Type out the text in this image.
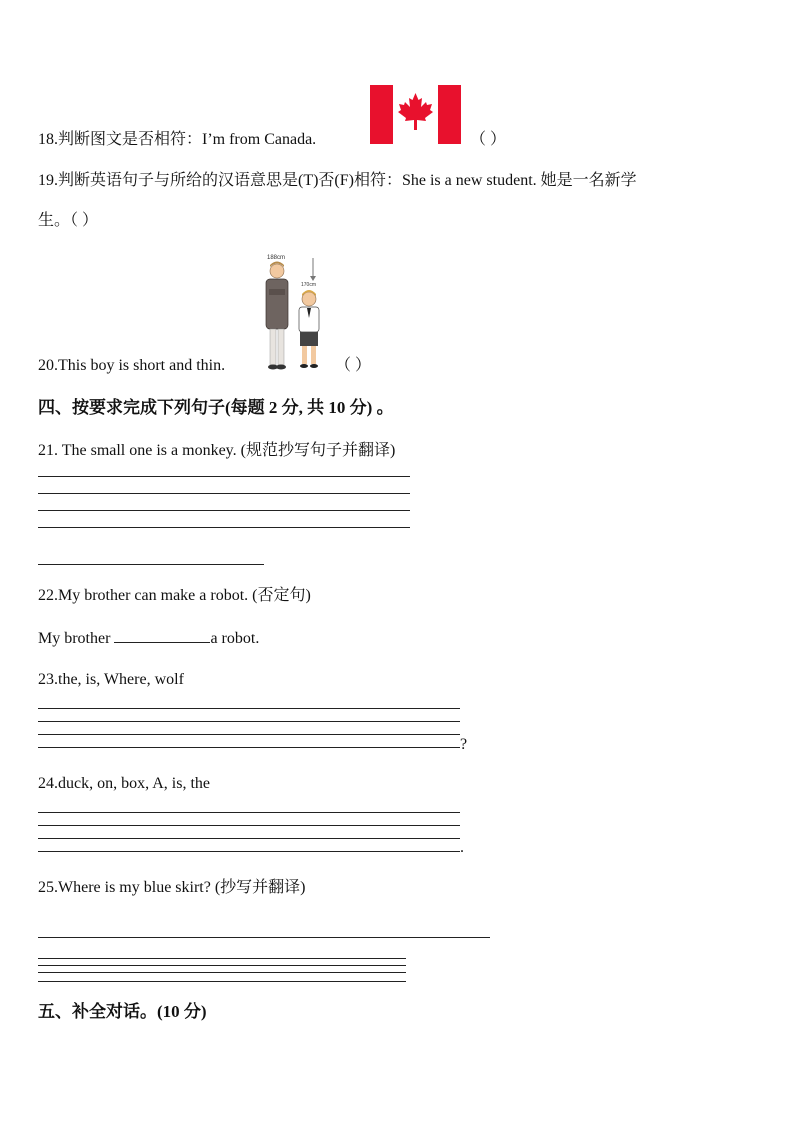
18.判断图文是否相符：I’m from Canada.	（ ）
19.判断英语句子与所给的汉语意思是(T)否(F)相符：She is a new student. 她是一名新学
生。（ ）
188cm
170cm
20.This boy is short and thin.	（ ）
四、按要求完成下列句子(每题 2 分, 共 10 分) 。
21. The small one is a monkey. (规范抄写句子并翻译)
22.My brother can make a robot. (否定句)
My brother	a robot.
23.the, is, Where, wolf
?
24.duck, on, box, A, is, the
.
25.Where is my blue skirt? (抄写并翻译)
五、补全对话。(10 分)
